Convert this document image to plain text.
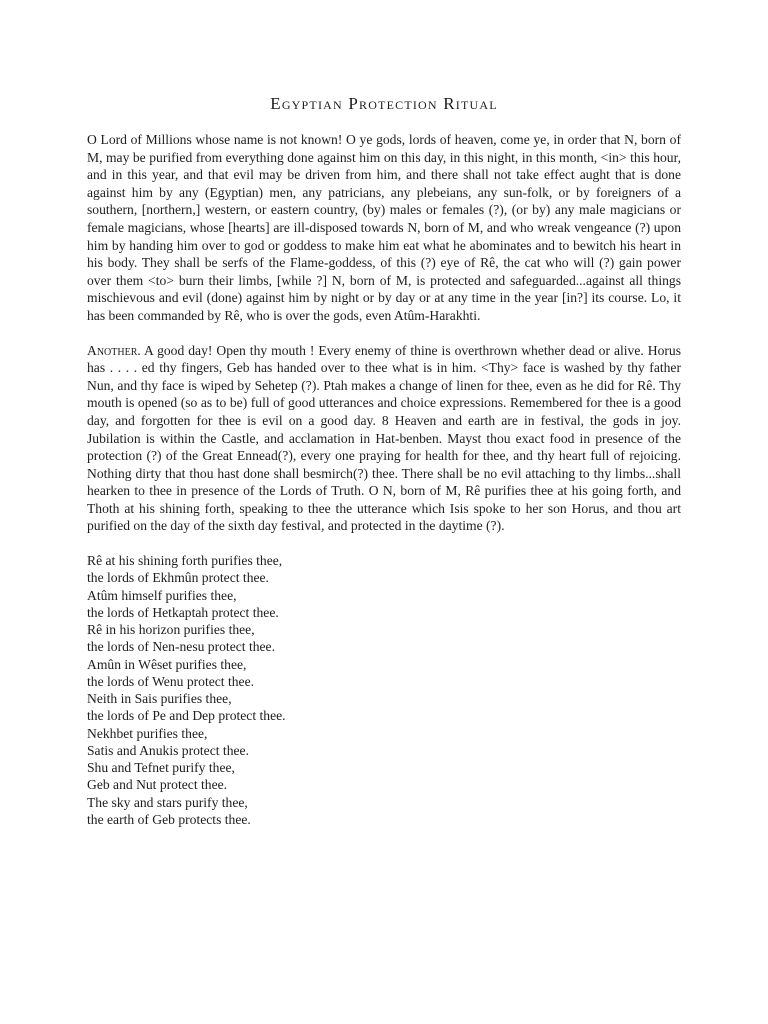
Egyptian Protection Ritual

O Lord of Millions whose name is not known! O ye gods, lords of heaven, come ye, in order that N, born of M, may be purified from everything done against him on this day, in this night, in this month, <in> this hour, and in this year, and that evil may be driven from him, and there shall not take effect aught that is done against him by any (Egyptian) men, any patricians, any plebeians, any sun-folk, or by foreigners of a southern, [northern,] western, or eastern country, (by) males or females (?), (or by) any male magicians or female magicians, whose [hearts] are ill-disposed towards N, born of M, and who wreak vengeance (?) upon him by handing him over to god or goddess to make him eat what he abominates and to bewitch his heart in his body. They shall be serfs of the Flame-goddess, of this (?) eye of Rê, the cat who will (?) gain power over them <to> burn their limbs, [while ?] N, born of M, is protected and safeguarded...against all things mischievous and evil (done) against him by night or by day or at any time in the year [in?] its course. Lo, it has been commanded by Rê, who is over the gods, even Atûm-Harakhti.

Another. A good day! Open thy mouth ! Every enemy of thine is overthrown whether dead or alive. Horus has . . . . ed thy fingers, Geb has handed over to thee what is in him. <Thy> face is washed by thy father Nun, and thy face is wiped by Sehetep (?). Ptah makes a change of linen for thee, even as he did for Rê. Thy mouth is opened (so as to be) full of good utterances and choice expressions. Remembered for thee is a good day, and forgotten for thee is evil on a good day. 8 Heaven and earth are in festival, the gods in joy. Jubilation is within the Castle, and acclamation in Hat-benben. Mayst thou exact food in presence of the protection (?) of the Great Ennead(?), every one praying for health for thee, and thy heart full of rejoicing. Nothing dirty that thou hast done shall besmirch(?) thee. There shall be no evil attaching to thy limbs...shall hearken to thee in presence of the Lords of Truth. O N, born of M, Rê purifies thee at his going forth, and Thoth at his shining forth, speaking to thee the utterance which Isis spoke to her son Horus, and thou art purified on the day of the sixth day festival, and protected in the daytime (?).

Rê at his shining forth purifies thee,
the lords of Ekhmûn protect thee.
Atûm himself purifies thee,
the lords of Hetkaptah protect thee.
Rê in his horizon purifies thee,
the lords of Nen-nesu protect thee.
Amûn in Wêset purifies thee,
the lords of Wenu protect thee.
Neith in Sais purifies thee,
the lords of Pe and Dep protect thee.
Nekhbet purifies thee,
Satis and Anukis protect thee.
Shu and Tefnet purify thee,
Geb and Nut protect thee.
The sky and stars purify thee,
the earth of Geb protects thee.
